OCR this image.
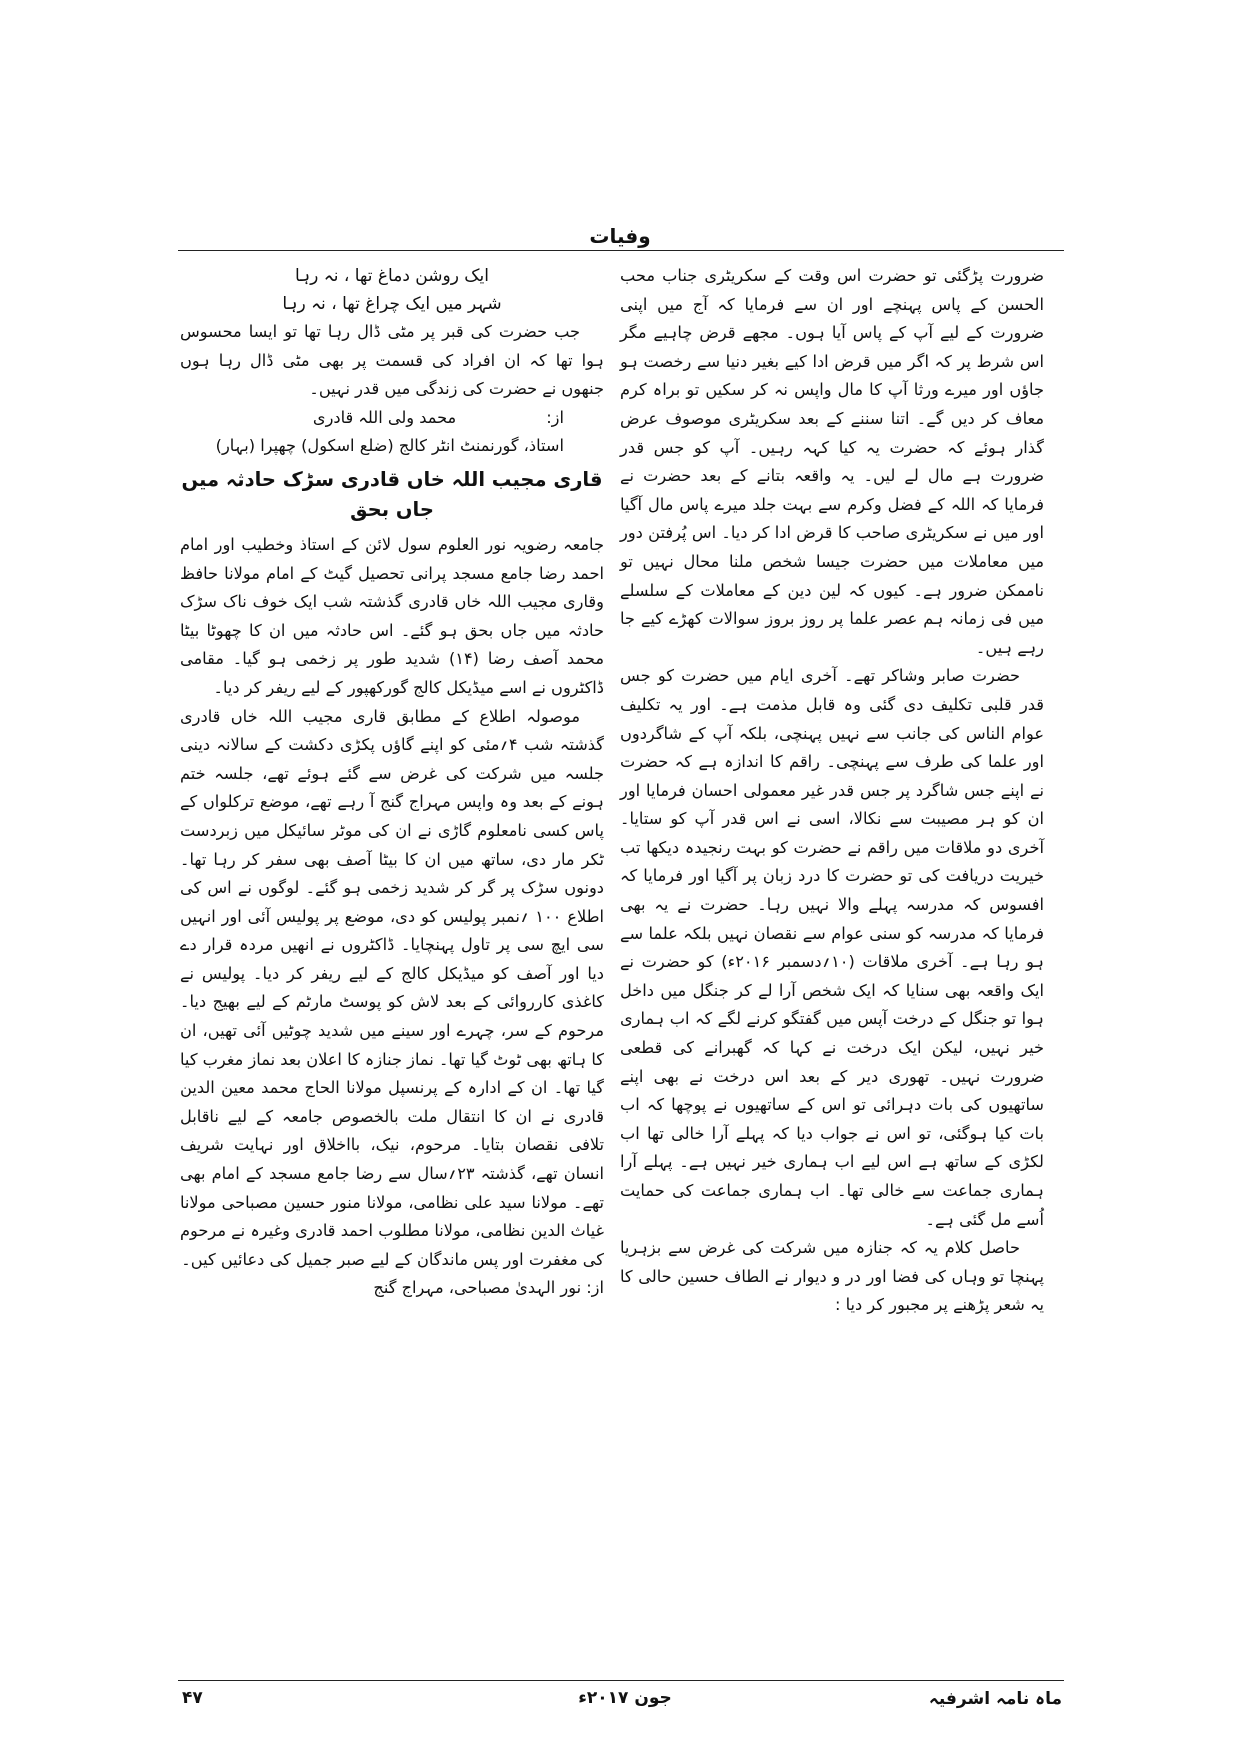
وفیات

ضرورت پڑگئی تو حضرت اس وقت کے سکریٹری جناب محب الحسن کے پاس پہنچے اور ان سے فرمایا کہ آج میں اپنی ضرورت کے لیے آپ کے پاس آیا ہوں۔ مجھے قرض چاہیے مگر اس شرط پر کہ اگر میں قرض ادا کیے بغیر دنیا سے رخصت ہو جاؤں اور میرے ورثا آپ کا مال واپس نہ کر سکیں تو براہ کرم معاف کر دیں گے۔ اتنا سننے کے بعد سکریٹری موصوف عرض گذار ہوئے کہ حضرت یہ کیا کہہ رہیں۔ آپ کو جس قدر ضرورت ہے مال لے لیں۔ یہ واقعہ بتانے کے بعد حضرت نے فرمایا کہ اللہ کے فضل وکرم سے بہت جلد میرے پاس مال آگیا اور میں نے سکریٹری صاحب کا قرض ادا کر دیا۔ اس پُرفتن دور میں معاملات میں حضرت جیسا شخص ملنا محال نہیں تو ناممکن ضرور ہے۔ کیوں کہ لین دین کے معاملات کے سلسلے میں فی زمانہ ہم عصر علما پر روز بروز سوالات کھڑے کیے جا رہے ہیں۔

حضرت صابر وشاکر تھے۔ آخری ایام میں حضرت کو جس قدر قلبی تکلیف دی گئی وہ قابل مذمت ہے۔ اور یہ تکلیف عوام الناس کی جانب سے نہیں پہنچی، بلکہ آپ کے شاگردوں اور علما کی طرف سے پہنچی۔ راقم کا اندازہ ہے کہ حضرت نے اپنے جس شاگرد پر جس قدر غیر معمولی احسان فرمایا اور ان کو ہر مصیبت سے نکالا، اسی نے اس قدر آپ کو ستایا۔ آخری دو ملاقات میں راقم نے حضرت کو بہت رنجیدہ دیکھا تب خیریت دریافت کی تو حضرت کا درد زبان پر آگیا اور فرمایا کہ افسوس کہ مدرسہ پہلے والا نہیں رہا۔ حضرت نے یہ بھی فرمایا کہ مدرسہ کو سنی عوام سے نقصان نہیں بلکہ علما سے ہو رہا ہے۔ آخری ملاقات (۱۰؍دسمبر ۲۰۱۶ء) کو حضرت نے ایک واقعہ بھی سنایا کہ ایک شخص آرا لے کر جنگل میں داخل ہوا تو جنگل کے درخت آپس میں گفتگو کرنے لگے کہ اب ہماری خیر نہیں، لیکن ایک درخت نے کہا کہ گھبرانے کی قطعی ضرورت نہیں۔ تھوری دیر کے بعد اس درخت نے بھی اپنے ساتھیوں کی بات دہرائی تو اس کے ساتھیوں نے پوچھا کہ اب بات کیا ہوگئی، تو اس نے جواب دیا کہ پہلے آرا خالی تھا اب لکڑی کے ساتھ ہے اس لیے اب ہماری خیر نہیں ہے۔ پہلے آرا ہماری جماعت سے خالی تھا۔ اب ہماری جماعت کی حمایت اُسے مل گئی ہے۔

حاصل کلام یہ کہ جنازہ میں شرکت کی غرض سے بزہریا پہنچا تو وہاں کی فضا اور در و دیوار نے الطاف حسین حالی کا یہ شعر پڑھنے پر مجبور کر دیا :

ایک روشن دماغ تھا ، نہ رہا

شہر میں ایک چراغ تھا ، نہ رہا

جب حضرت کی قبر پر مٹی ڈال رہا تھا تو ایسا محسوس ہوا تھا کہ ان افراد کی قسمت پر بھی مٹی ڈال رہا ہوں جنھوں نے حضرت کی زندگی میں قدر نہیں۔

از:
محمد ولی اللہ قادری

استاذ، گورنمنٹ انٹر کالج (ضلع اسکول) چھپرا (بہار)

قاری مجیب اللہ خاں قادری سڑک حادثہ میں جاں بحق

جامعہ رضویہ نور العلوم سول لائن کے استاذ وخطیب اور امام احمد رضا جامع مسجد پرانی تحصیل گیٹ کے امام مولانا حافظ وقاری مجیب اللہ خاں قادری گذشتہ شب ایک خوف ناک سڑک حادثہ میں جاں بحق ہو گئے۔ اس حادثہ میں ان کا چھوٹا بیٹا محمد آصف رضا (۱۴) شدید طور پر زخمی ہو گیا۔ مقامی ڈاکٹروں نے اسے میڈیکل کالج گورکھپور کے لیے ریفر کر دیا۔

موصولہ اطلاع کے مطابق قاری مجیب اللہ خاں قادری گذشتہ شب ۴؍مئی کو اپنے گاؤں پکڑی دکشت کے سالانہ دینی جلسہ میں شرکت کی غرض سے گئے ہوئے تھے، جلسہ ختم ہونے کے بعد وہ واپس مہراج گنج آ رہے تھے، موضع ترکلواں کے پاس کسی نامعلوم گاڑی نے ان کی موٹر سائیکل میں زبردست ٹکر مار دی، ساتھ میں ان کا بیٹا آصف بھی سفر کر رہا تھا۔ دونوں سڑک پر گر کر شدید زخمی ہو گئے۔ لوگوں نے اس کی اطلاع ۱۰۰ ؍نمبر پولیس کو دی، موضع پر پولیس آئی اور انہیں سی ایچ سی پر تاول پہنچایا۔ ڈاکٹروں نے انھیں مردہ قرار دے دیا اور آصف کو میڈیکل کالج کے لیے ریفر کر دیا۔ پولیس نے کاغذی کارروائی کے بعد لاش کو پوسٹ مارٹم کے لیے بھیج دیا۔ مرحوم کے سر، چہرے اور سینے میں شدید چوٹیں آئی تھیں، ان کا ہاتھ بھی ٹوٹ گیا تھا۔ نماز جنازہ کا اعلان بعد نماز مغرب کیا گیا تھا۔ ان کے ادارہ کے پرنسپل مولانا الحاج محمد معین الدین قادری نے ان کا انتقال ملت بالخصوص جامعہ کے لیے ناقابل تلافی نقصان بتایا۔ مرحوم، نیک، بااخلاق اور نہایت شریف انسان تھے، گذشتہ ۲۳؍سال سے رضا جامع مسجد کے امام بھی تھے۔ مولانا سید علی نظامی، مولانا منور حسین مصباحی مولانا غیاث الدین نظامی، مولانا مطلوب احمد قادری وغیرہ نے مرحوم کی مغفرت اور پس ماندگان کے لیے صبر جمیل کی دعائیں کیں۔

از: نور الہدیٰ مصباحی، مہراج گنج

ماہ نامہ اشرفیہ
جون ۲۰۱۷ء
۴۷
